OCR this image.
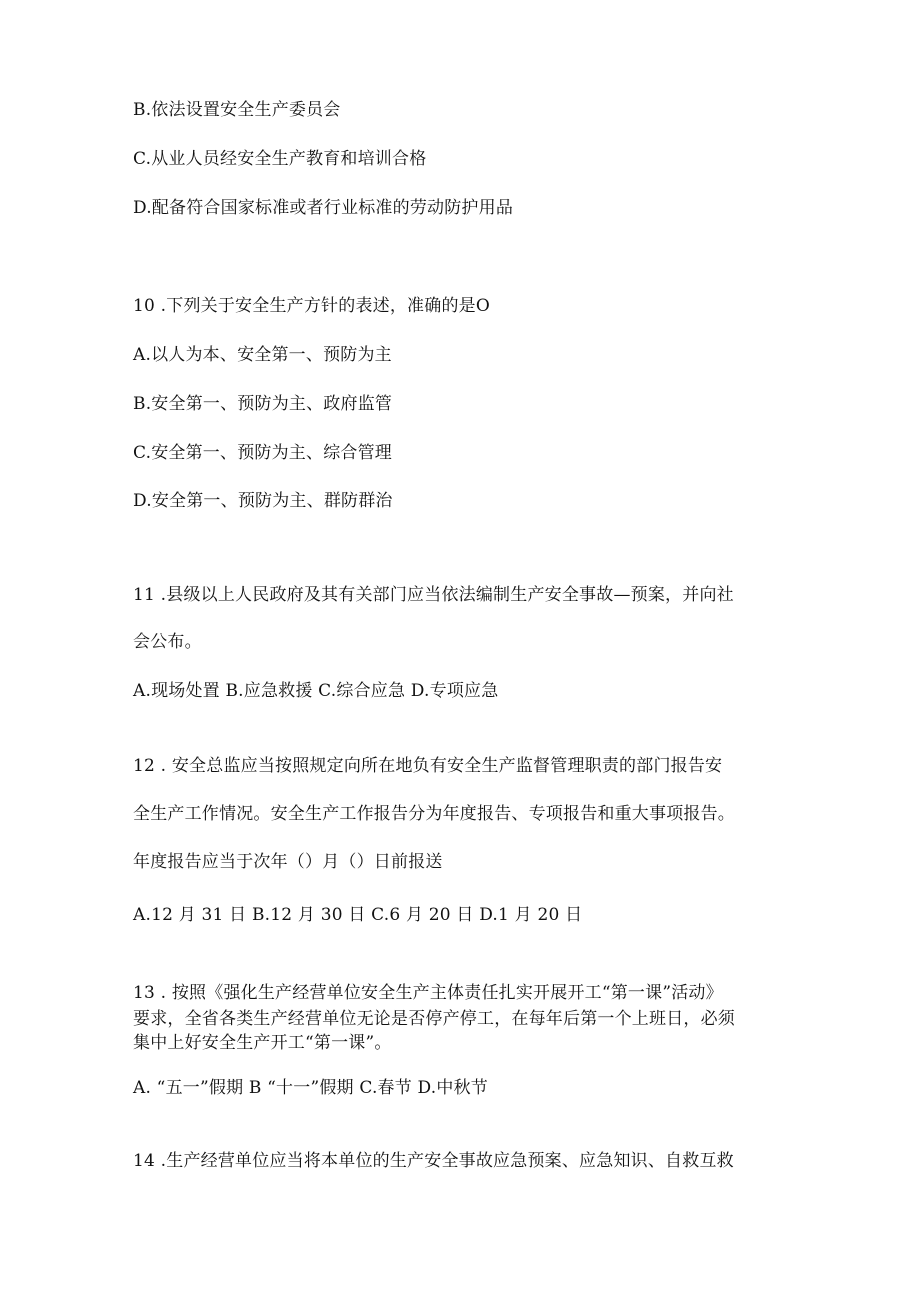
B.依法设置安全生产委员会
C.从业人员经安全生产教育和培训合格
D.配备符合国家标准或者行业标准的劳动防护用品
10 .下列关于安全生产方针的表述，准确的是O
A.以人为本、安全第一、预防为主
B.安全第一、预防为主、政府监管
C.安全第一、预防为主、综合管理
D.安全第一、预防为主、群防群治
11 .县级以上人民政府及其有关部门应当依法编制生产安全事故—预案，并向社
会公布。
A.现场处置 B.应急救援 C.综合应急 D.专项应急
12 . 安全总监应当按照规定向所在地负有安全生产监督管理职责的部门报告安
全生产工作情况。安全生产工作报告分为年度报告、专项报告和重大事项报告。
年度报告应当于次年（）月（）日前报送
A.12 月 31 日 B.12 月 30 日 C.6 月 20 日 D.1 月 20 日
13 . 按照《强化生产经营单位安全生产主体责任扎实开展开工“第一课”活动》
要求，全省各类生产经营单位无论是否停产停工，在每年后第一个上班日，必须
集中上好安全生产开工“第一课”。
A. “五一”假期 B “十一”假期 C.春节 D.中秋节
14 .生产经营单位应当将本单位的生产安全事故应急预案、应急知识、自救互救
